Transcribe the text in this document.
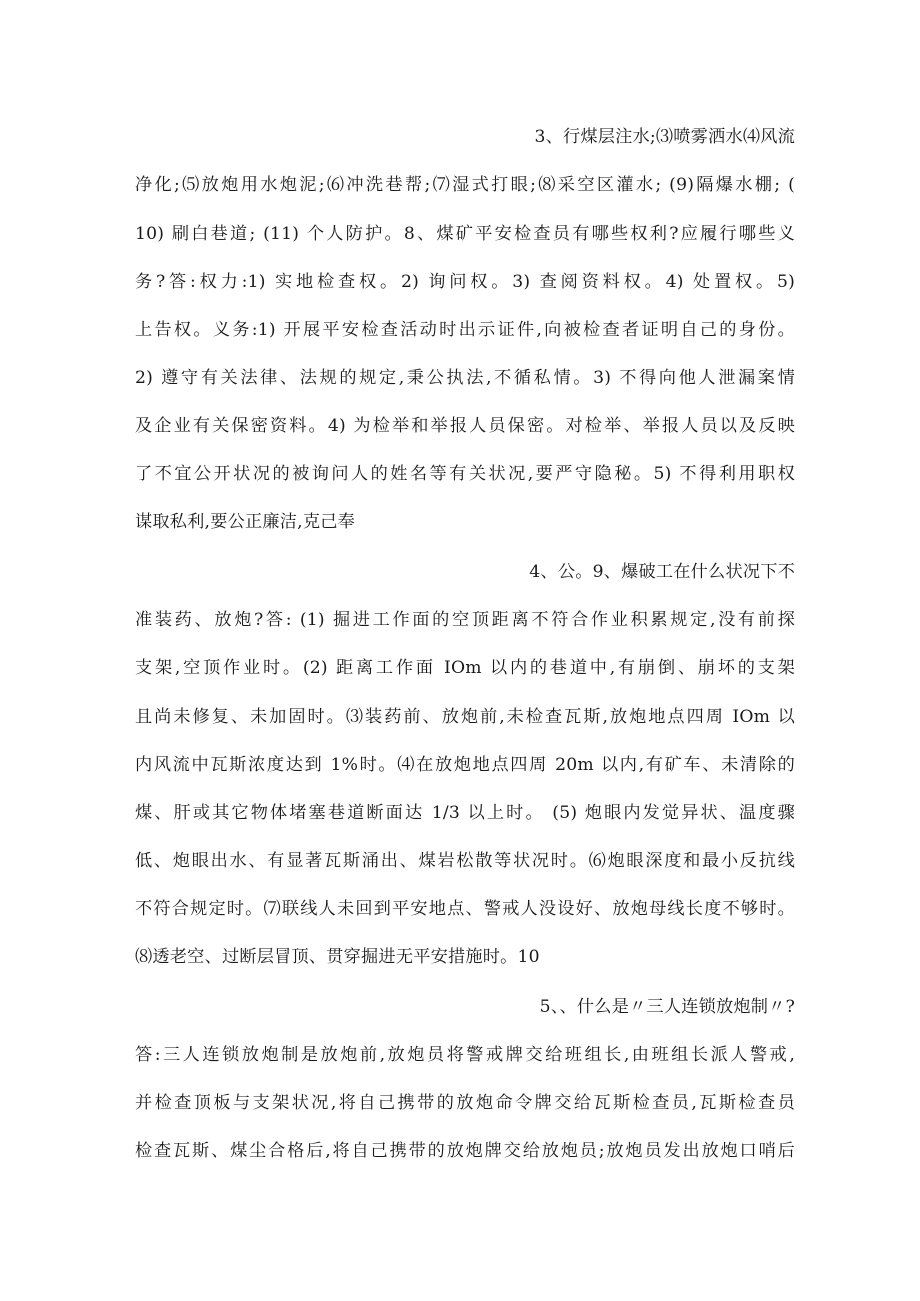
3、行煤层注水;⑶喷雾洒水⑷风流
净化;⑸放炮用水炮泥;⑹冲洗巷帮;⑺湿式打眼;⑻采空区灌水; (9)隔爆水棚; (
10) 刷白巷道; (11) 个人防护。8、煤矿平安检查员有哪些权利?应履行哪些义
务?答:权力:1) 实地检查权。2) 询问权。3) 查阅资料权。4) 处置权。5)
上告权。义务:1) 开展平安检查活动时出示证件,向被检查者证明自己的身份。
2) 遵守有关法律、法规的规定,秉公执法,不循私情。3) 不得向他人泄漏案情
及企业有关保密资料。4) 为检举和举报人员保密。对检举、举报人员以及反映
了不宜公开状况的被询问人的姓名等有关状况,要严守隐秘。5) 不得利用职权
谋取私利,要公正廉洁,克己奉
4、公。9、爆破工在什么状况下不
准装药、放炮?答: (1) 掘进工作面的空顶距离不符合作业积累规定,没有前探
支架,空顶作业时。(2) 距离工作面 IOm 以内的巷道中,有崩倒、崩坏的支架
且尚未修复、未加固时。⑶装药前、放炮前,未检查瓦斯,放炮地点四周 IOm 以
内风流中瓦斯浓度达到 1%时。⑷在放炮地点四周 20m 以内,有矿车、未清除的
煤、肝或其它物体堵塞巷道断面达 1/3 以上时。 (5) 炮眼内发觉异状、温度骤
低、炮眼出水、有显著瓦斯涌出、煤岩松散等状况时。⑹炮眼深度和最小反抗线
不符合规定时。⑺联线人未回到平安地点、警戒人没设好、放炮母线长度不够时。
⑻透老空、过断层冒顶、贯穿掘进无平安措施时。10
5、、什么是〃三人连锁放炮制〃?
答:三人连锁放炮制是放炮前,放炮员将警戒牌交给班组长,由班组长派人警戒,
并检查顶板与支架状况,将自己携带的放炮命令牌交给瓦斯检查员,瓦斯检查员
检查瓦斯、煤尘合格后,将自己携带的放炮牌交给放炮员;放炮员发出放炮口哨后
